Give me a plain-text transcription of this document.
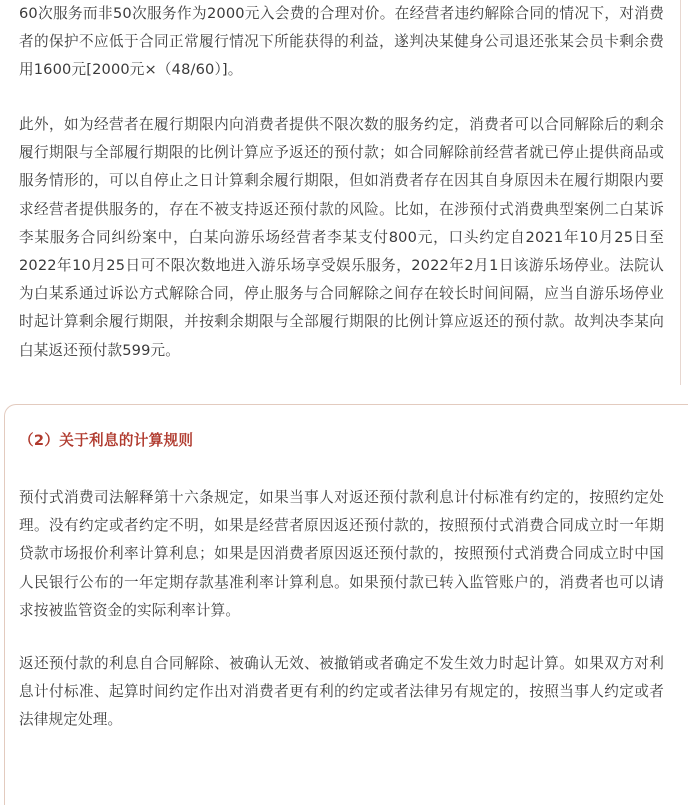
60次服务而非50次服务作为2000元入会费的合理对价。在经营者违约解除合同的情况下，对消费者的保护不应低于合同正常履行情况下所能获得的利益，遂判决某健身公司退还张某会员卡剩余费用1600元[2000元×（48/60）]。

此外，如为经营者在履行期限内向消费者提供不限次数的服务约定，消费者可以合同解除后的剩余履行期限与全部履行期限的比例计算应予返还的预付款；如合同解除前经营者就已停止提供商品或服务情形的，可以自停止之日计算剩余履行期限，但如消费者存在因其自身原因未在履行期限内要求经营者提供服务的，存在不被支持返还预付款的风险。比如，在涉预付式消费典型案例二白某诉李某服务合同纠纷案中，白某向游乐场经营者李某支付800元，口头约定自2021年10月25日至2022年10月25日可不限次数地进入游乐场享受娱乐服务，2022年2月1日该游乐场停业。法院认为白某系通过诉讼方式解除合同，停止服务与合同解除之间存在较长时间间隔，应当自游乐场停业时起计算剩余履行期限，并按剩余期限与全部履行期限的比例计算应返还的预付款。故判决李某向白某返还预付款599元。

（2）关于利息的计算规则

预付式消费司法解释第十六条规定，如果当事人对返还预付款利息计付标准有约定的，按照约定处理。没有约定或者约定不明，如果是经营者原因返还预付款的，按照预付式消费合同成立时一年期贷款市场报价利率计算利息；如果是因消费者原因返还预付款的，按照预付式消费合同成立时中国人民银行公布的一年定期存款基准利率计算利息。如果预付款已转入监管账户的，消费者也可以请求按被监管资金的实际利率计算。

返还预付款的利息自合同解除、被确认无效、被撤销或者确定不发生效力时起计算。如果双方对利息计付标准、起算时间约定作出对消费者更有利的约定或者法律另有规定的，按照当事人约定或者法律规定处理。
